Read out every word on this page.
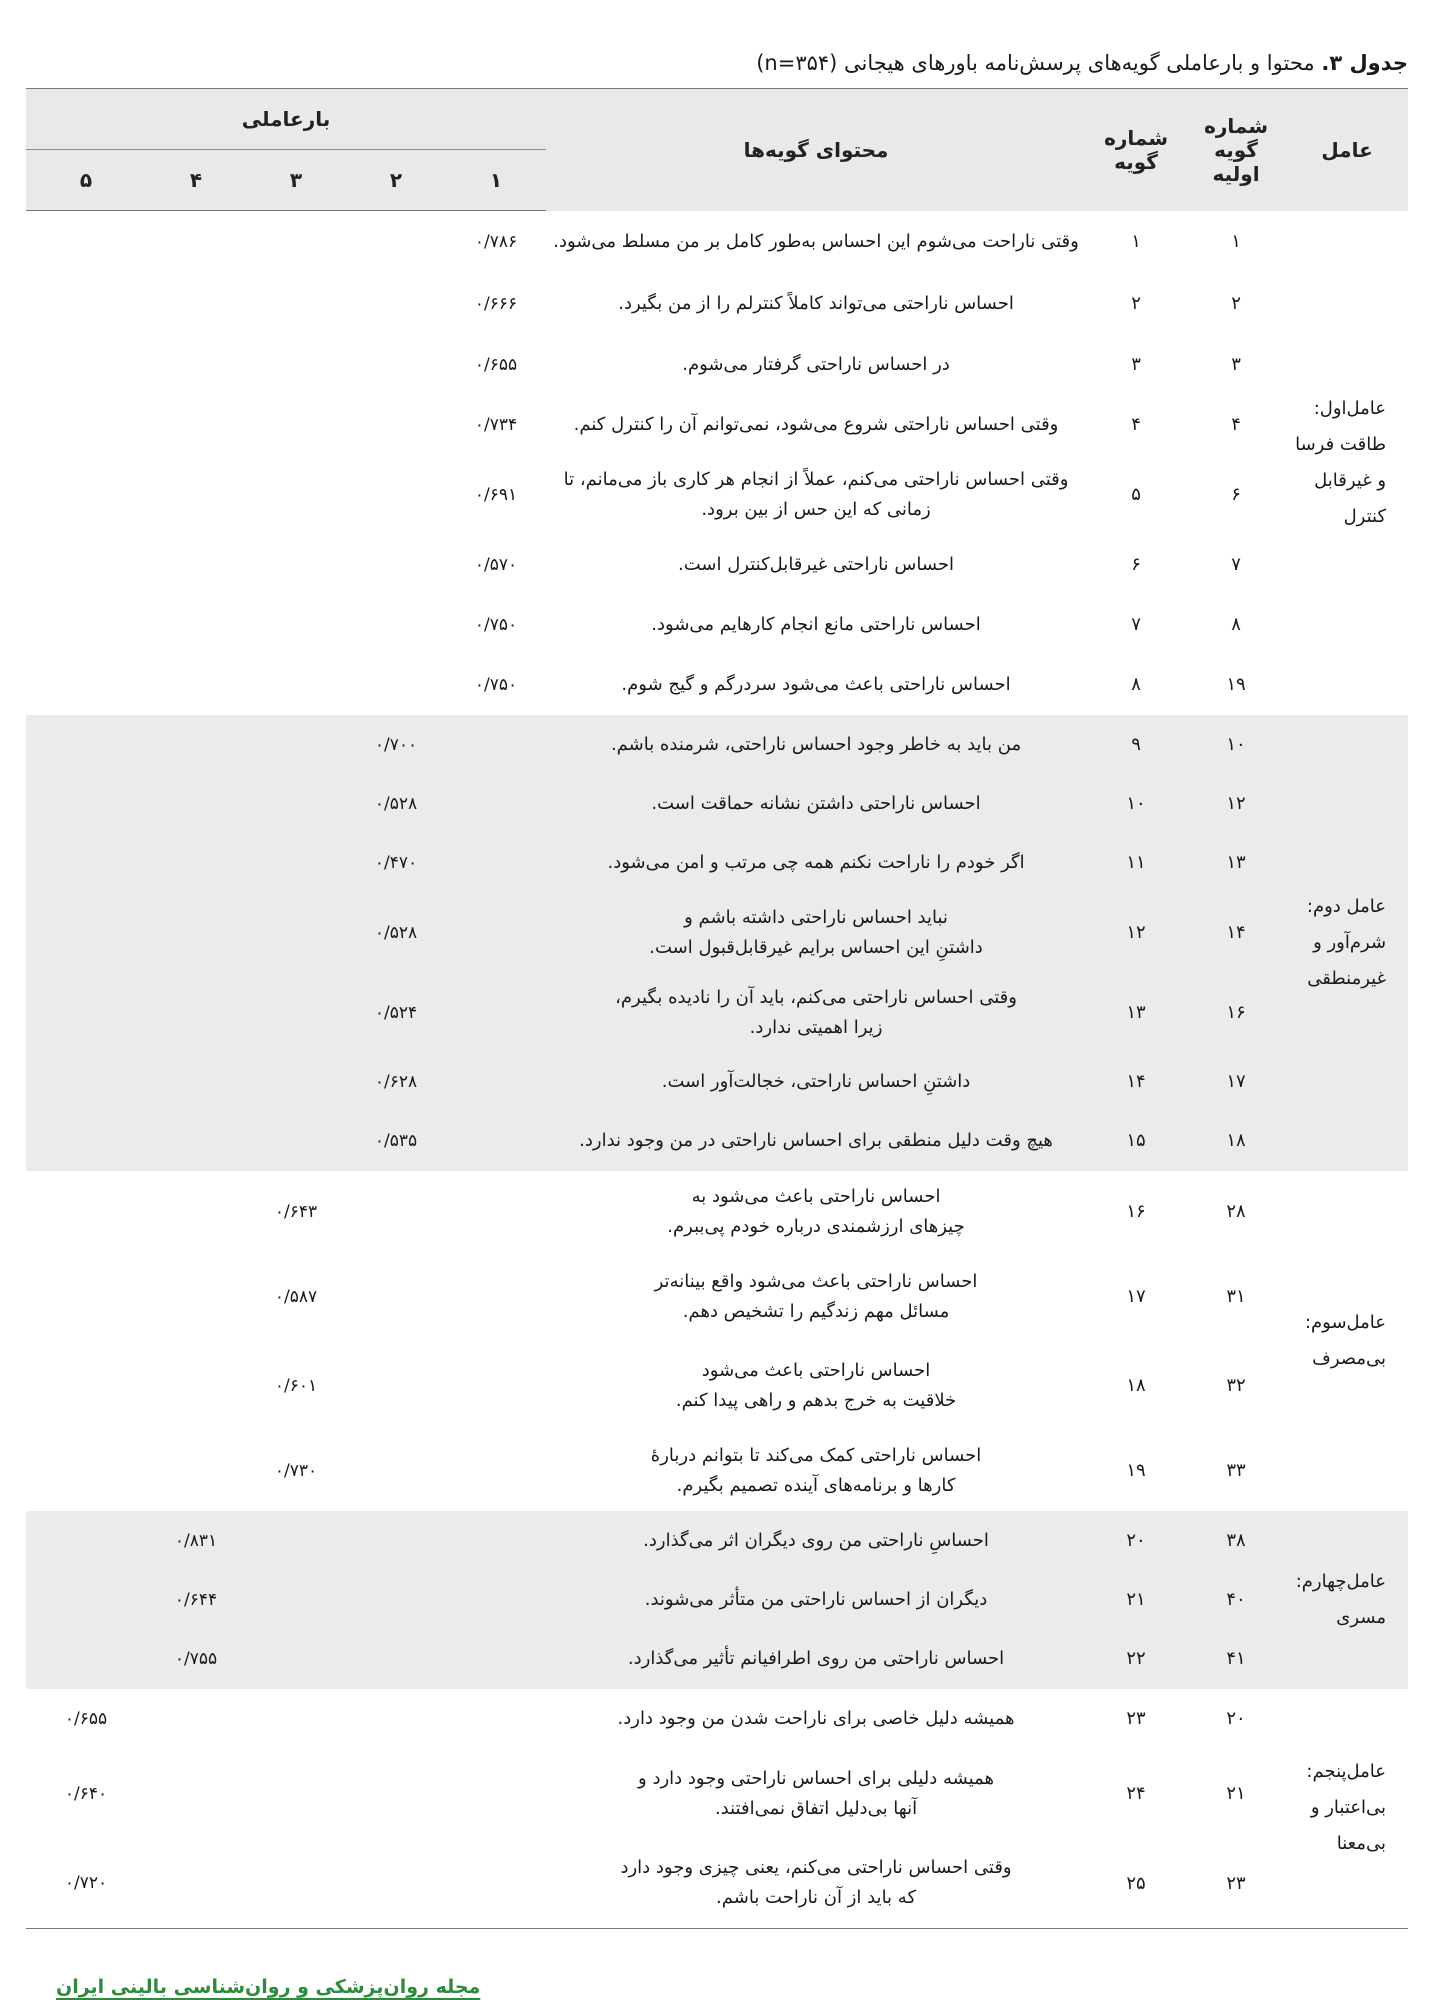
جدول ۳. محتوا و بارعاملی گویه‌های پرسش‌نامه باورهای هیجانی (n=۳۵۴)
عامل	شماره گویه اولیه	شماره گویه	محتوای گویه‌ها	بارعاملی				
				۱	۲	۳	۴	۵
عامل‌اول: طاقت فرسا و غیرقابل کنترل	۱	۱	وقتی ناراحت می‌شوم این احساس به‌طور کامل بر من مسلط می‌شود.	۰/۷۸۶				
	۲	۲	احساس ناراحتی می‌تواند کاملاً کنترلم را از من بگیرد.	۰/۶۶۶				
	۳	۳	در احساس ناراحتی گرفتار می‌شوم.	۰/۶۵۵				
	۴	۴	وقتی احساس ناراحتی شروع می‌شود، نمی‌توانم آن را کنترل کنم.	۰/۷۳۴				
	۶	۵	وقتی احساس ناراحتی می‌کنم، عملاً از انجام هر کاری باز می‌مانم، تا زمانی که این حس از بین برود.	۰/۶۹۱				
	۷	۶	احساس ناراحتی غیرقابل‌کنترل است.	۰/۵۷۰				
	۸	۷	احساس ناراحتی مانع انجام کارهایم می‌شود.	۰/۷۵۰				
	۱۹	۸	احساس ناراحتی باعث می‌شود سردرگم و گیج شوم.	۰/۷۵۰				
عامل دوم: شرم‌آور و غیرمنطقی	۱۰	۹	من باید به خاطر وجود احساس ناراحتی، شرمنده باشم.		۰/۷۰۰			
	۱۲	۱۰	احساس ناراحتی داشتن نشانه حماقت است.		۰/۵۲۸			
	۱۳	۱۱	اگر خودم را ناراحت نکنم همه چی مرتب و امن می‌شود.		۰/۴۷۰			
	۱۴	۱۲	نباید احساس ناراحتی داشته باشم و
داشتنِ این احساس برایم غیرقابل‌قبول است.		۰/۵۲۸			
	۱۶	۱۳	وقتی احساس ناراحتی می‌کنم، باید آن را نادیده بگیرم،
زیرا اهمیتی ندارد.		۰/۵۲۴			
	۱۷	۱۴	داشتنِ احساس ناراحتی، خجالت‌آور است.		۰/۶۲۸			
	۱۸	۱۵	هیچ وقت دلیل منطقی برای احساس ناراحتی در من وجود ندارد.		۰/۵۳۵			
عامل‌سوم: بی‌مصرف	۲۸	۱۶	احساس ناراحتی باعث می‌شود به
چیزهای ارزشمندی درباره خودم پی‌ببرم.			۰/۶۴۳		
	۳۱	۱۷	احساس ناراحتی باعث می‌شود واقع بینانه‌تر
مسائل مهم زندگیم را تشخیص دهم.			۰/۵۸۷		
	۳۲	۱۸	احساس ناراحتی باعث می‌شود
خلاقیت به خرج بدهم و راهی پیدا کنم.			۰/۶۰۱		
	۳۳	۱۹	احساس ناراحتی کمک می‌کند تا بتوانم دربارۀ
کارها و برنامه‌های آینده تصمیم بگیرم.			۰/۷۳۰		
عامل‌چهارم: مسری	۳۸	۲۰	احساسِ ناراحتی من روی دیگران اثر می‌گذارد.				۰/۸۳۱	
	۴۰	۲۱	دیگران از احساس ناراحتی من متأثر می‌شوند.				۰/۶۴۴	
	۴۱	۲۲	احساس ناراحتی من روی اطرافیانم تأثیر می‌گذارد.				۰/۷۵۵	
عامل‌پنجم: بی‌اعتبار و بی‌معنا	۲۰	۲۳	همیشه دلیل خاصی برای ناراحت شدن من وجود دارد.					۰/۶۵۵
	۲۱	۲۴	همیشه دلیلی برای احساس ناراحتی وجود دارد و
آنها بی‌دلیل اتفاق نمی‌افتند.					۰/۶۴۰
	۲۳	۲۵	وقتی احساس ناراحتی می‌کنم، یعنی چیزی وجود دارد
که باید از آن ناراحت باشم.					۰/۷۲۰
مجله روان‌پزشکی و روان‌شناسی بالینی ایران
